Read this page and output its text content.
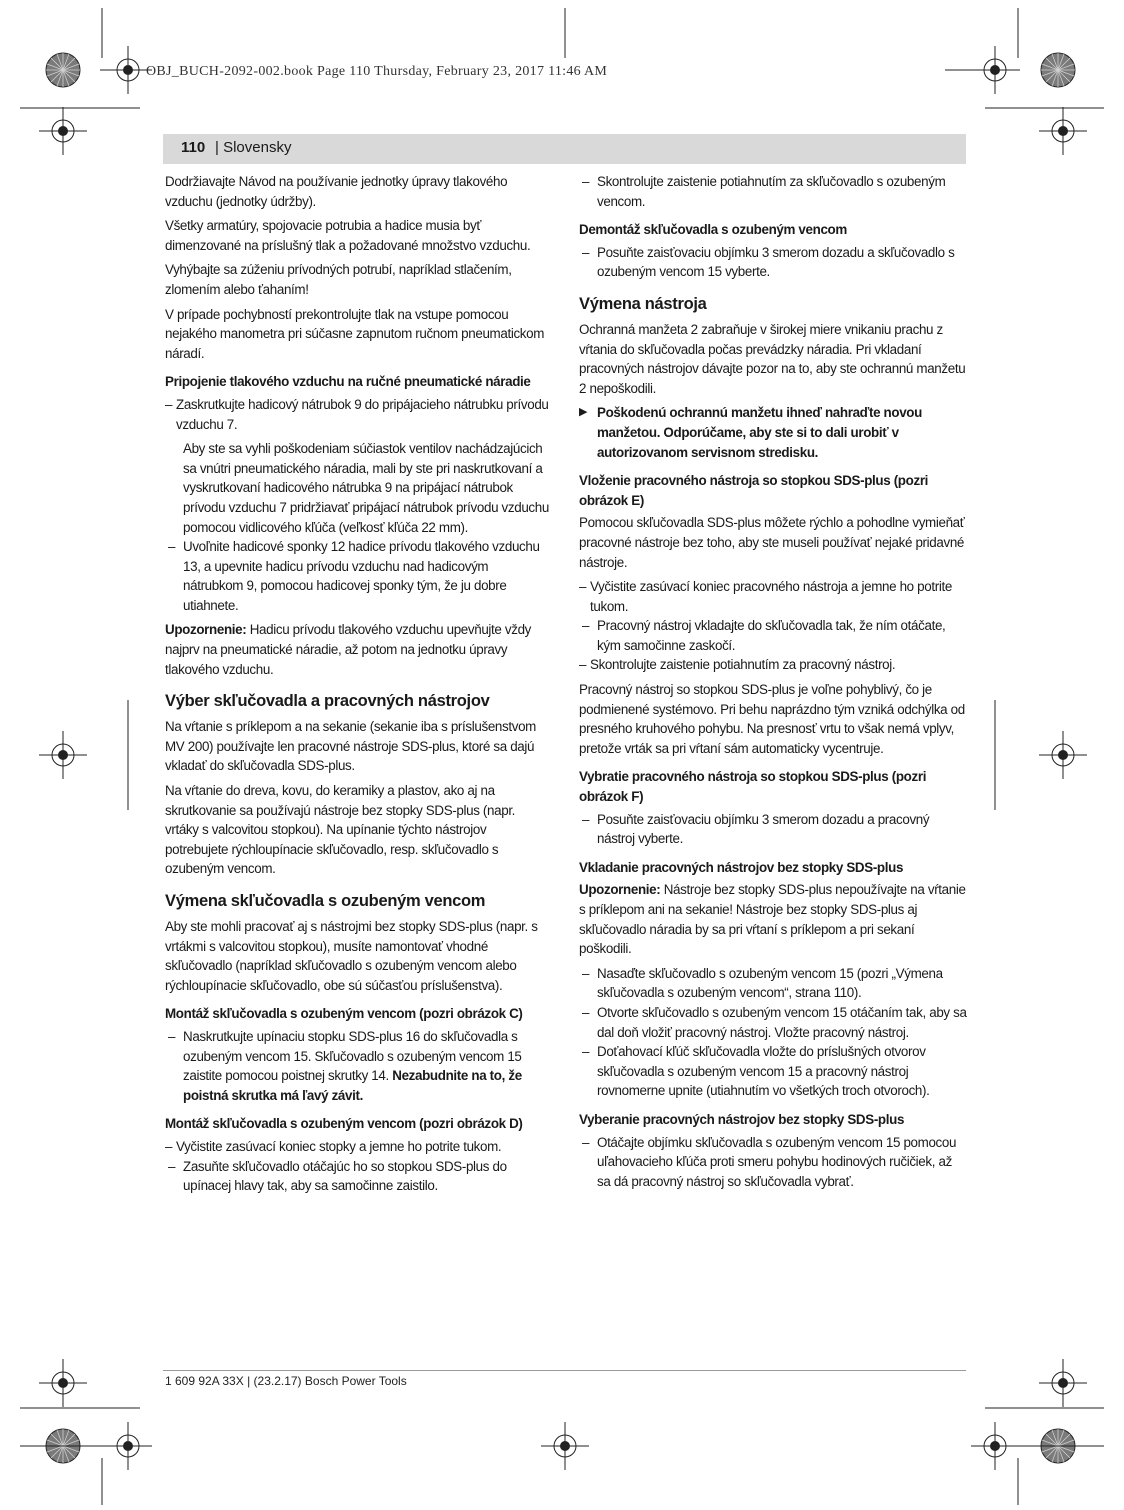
OBJ_BUCH-2092-002.book Page 110 Thursday, February 23, 2017 11:46 AM
110 | Slovensky

Dodržiavajte Návod na používanie jednotky úpravy tlakového vzduchu (jednotky údržby).

Všetky armatúry, spojovacie potrubia a hadice musia byť dimenzované na príslušný tlak a požadované množstvo vzduchu.

Vyhýbajte sa zúženiu prívodných potrubí, napríklad stlačením, zlomením alebo ťahaním!

V prípade pochybností prekontrolujte tlak na vstupe pomocou nejakého manometra pri súčasne zapnutom ručnom pneumatickom náradí.

Pripojenie tlakového vzduchu na ručné pneumatické náradie
– Zaskrutkujte hadicový nátrubok 9 do pripájacieho nátrubku prívodu vzduchu 7.

Aby ste sa vyhli poškodeniam súčiastok ventilov nachádzajúcich sa vnútri pneumatického náradia, mali by ste pri naskrutkovaní a vyskrutkovaní hadicového nátrubka 9 na pripájací nátrubok prívodu vzduchu 7 pridržiavať pripájací nátrubok prívodu vzduchu pomocou vidlicového kľúča (veľkosť kľúča 22 mm).

– Uvoľnite hadicové sponky 12 hadice prívodu tlakového vzduchu 13, a upevnite hadicu prívodu vzduchu nad hadicovým nátrubkom 9, pomocou hadicovej sponky tým, že ju dobre utiahnete.

Upozornenie: Hadicu prívodu tlakového vzduchu upevňujte vždy najprv na pneumatické náradie, až potom na jednotku úpravy tlakového vzduchu.

Výber skľučovadla a pracovných nástrojov

Na vŕtanie s príklepom a na sekanie (sekanie iba s príslušenstvom MV 200) používajte len pracovné nástroje SDS-plus, ktoré sa dajú vkladať do skľučovadla SDS-plus.

Na vŕtanie do dreva, kovu, do keramiky a plastov, ako aj na skrutkovanie sa používajú nástroje bez stopky SDS-plus (napr. vrtáky s valcovitou stopkou). Na upínanie týchto nástrojov potrebujete rýchloupínacie skľučovadlo, resp. skľučovadlo s ozubeným vencom.

Výmena skľučovadla s ozubeným vencom

Aby ste mohli pracovať aj s nástrojmi bez stopky SDS-plus (napr. s vrtákmi s valcovitou stopkou), musíte namontovať vhodné skľučovadlo (napríklad skľučovadlo s ozubeným vencom alebo rýchloupínacie skľučovadlo, obe sú súčasťou príslušenstva).

Montáž skľučovadla s ozubeným vencom (pozri obrázok C)
– Naskrutkujte upínaciu stopku SDS-plus 16 do skľučovadla s ozubeným vencom 15. Skľučovadlo s ozubeným vencom 15 zaistite pomocou poistnej skrutky 14. Nezabudnite na to, že poistná skrutka má ľavý závit.
Montáž skľučovadla s ozubeným vencom (pozri obrázok D)
– Vyčistite zasúvací koniec stopky a jemne ho potrite tukom.
– Zasuňte skľučovadlo otáčajúc ho so stopkou SDS-plus do upínacej hlavy tak, aby sa samočinne zaistilo.
– Skontrolujte zaistenie potiahnutím za skľučovadlo s ozubeným vencom.
Demontáž skľučovadla s ozubeným vencom
– Posuňte zaisťovaciu objímku 3 smerom dozadu a skľučovadlo s ozubeným vencom 15 vyberte.
Výmena nástroja

Ochranná manžeta 2 zabraňuje v širokej miere vnikaniu prachu z vŕtania do skľučovadla počas prevádzky náradia. Pri vkladaní pracovných nástrojov dávajte pozor na to, aby ste ochrannú manžetu 2 nepoškodili.

▶ Poškodenú ochrannú manžetu ihneď nahraďte novou manžetou. Odporúčame, aby ste si to dali urobiť v autorizovanom servisnom stredisku.

Vloženie pracovného nástroja so stopkou SDS-plus (pozri obrázok E)

Pomocou skľučovadla SDS-plus môžete rýchlo a pohodlne vymieňať pracovné nástroje bez toho, aby ste museli používať nejaké pridavné nástroje.

– Vyčistite zasúvací koniec pracovného nástroja a jemne ho potrite tukom.
– Pracovný nástroj vkladajte do skľučovadla tak, že ním otáčate, kým samočinne zaskočí.
– Skontrolujte zaistenie potiahnutím za pracovný nástroj.

Pracovný nástroj so stopkou SDS-plus je voľne pohyblivý, čo je podmienené systémovo. Pri behu naprázdno tým vzniká odchýlka od presného kruhového pohybu. Na presnosť vrtu to však nemá vplyv, pretože vrták sa pri vŕtaní sám automaticky vycentruje.

Vybratie pracovného nástroja so stopkou SDS-plus (pozri obrázok F)
– Posuňte zaisťovaciu objímku 3 smerom dozadu a pracovný nástroj vyberte.
Vkladanie pracovných nástrojov bez stopky SDS-plus

Upozornenie: Nástroje bez stopky SDS-plus nepoužívajte na vŕtanie s príklepom ani na sekanie! Nástroje bez stopky SDS-plus aj skľučovadlo náradia by sa pri vŕtaní s príklepom a pri sekaní poškodili.

– Nasaďte skľučovadlo s ozubeným vencom 15 (pozri „Výmena skľučovadla s ozubeným vencom“, strana 110).
– Otvorte skľučovadlo s ozubeným vencom 15 otáčaním tak, aby sa dal doň vložiť pracovný nástroj. Vložte pracovný nástroj.
– Doťahovací kľúč skľučovadla vložte do príslušných otvorov skľučovadla s ozubeným vencom 15 a pracovný nástroj rovnomerne upnite (utiahnutím vo všetkých troch otvoroch).
Vyberanie pracovných nástrojov bez stopky SDS-plus
– Otáčajte objímku skľučovadla s ozubeným vencom 15 pomocou uľahovacieho kľúča proti smeru pohybu hodinových ručičiek, až sa dá pracovný nástroj so skľučovadla vybrať.
1 609 92A 33X | (23.2.17) Bosch Power Tools
